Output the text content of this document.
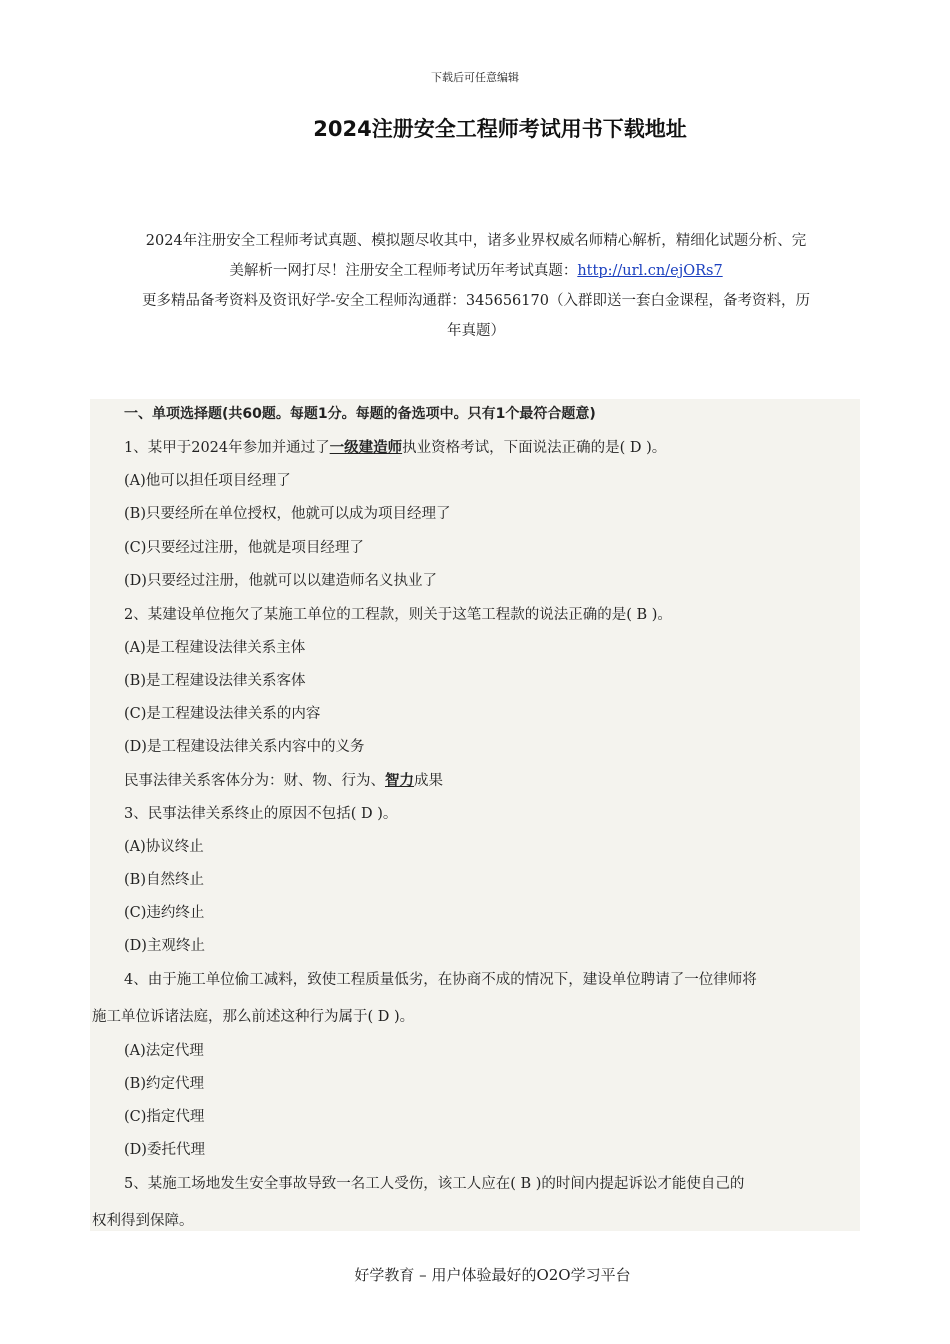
下载后可任意编辑
2024注册安全工程师考试用书下载地址

2024年注册安全工程师考试真题、模拟题尽收其中，诸多业界权威名师精心解析，精细化试题分析、完

美解析一网打尽！注册安全工程师考试历年考试真题：http://url.cn/ejORs7

更多精品备考资料及资讯好学-安全工程师沟通群：345656170（入群即送一套白金课程，备考资料，历

年真题）

一、单项选择题(共60题。每题1分。每题的备选项中。只有1个最符合题意)
1、某甲于2024年参加并通过了一级建造师执业资格考试，下面说法正确的是( D )。
(A)他可以担任项目经理了
(B)只要经所在单位授权，他就可以成为项目经理了
(C)只要经过注册，他就是项目经理了
(D)只要经过注册，他就可以以建造师名义执业了
2、某建设单位拖欠了某施工单位的工程款，则关于这笔工程款的说法正确的是( B )。
(A)是工程建设法律关系主体
(B)是工程建设法律关系客体
(C)是工程建设法律关系的内容
(D)是工程建设法律关系内容中的义务
民事法律关系客体分为：财、物、行为、智力成果
3、民事法律关系终止的原因不包括( D )。
(A)协议终止
(B)自然终止
(C)违约终止
(D)主观终止
4、由于施工单位偷工减料，致使工程质量低劣，在协商不成的情况下，建设单位聘请了一位律师将
施工单位诉诸法庭，那么前述这种行为属于( D )。
(A)法定代理
(B)约定代理
(C)指定代理
(D)委托代理
5、某施工场地发生安全事故导致一名工人受伤，该工人应在( B )的时间内提起诉讼才能使自己的
权利得到保障。
好学教育 – 用户体验最好的O2O学习平台
